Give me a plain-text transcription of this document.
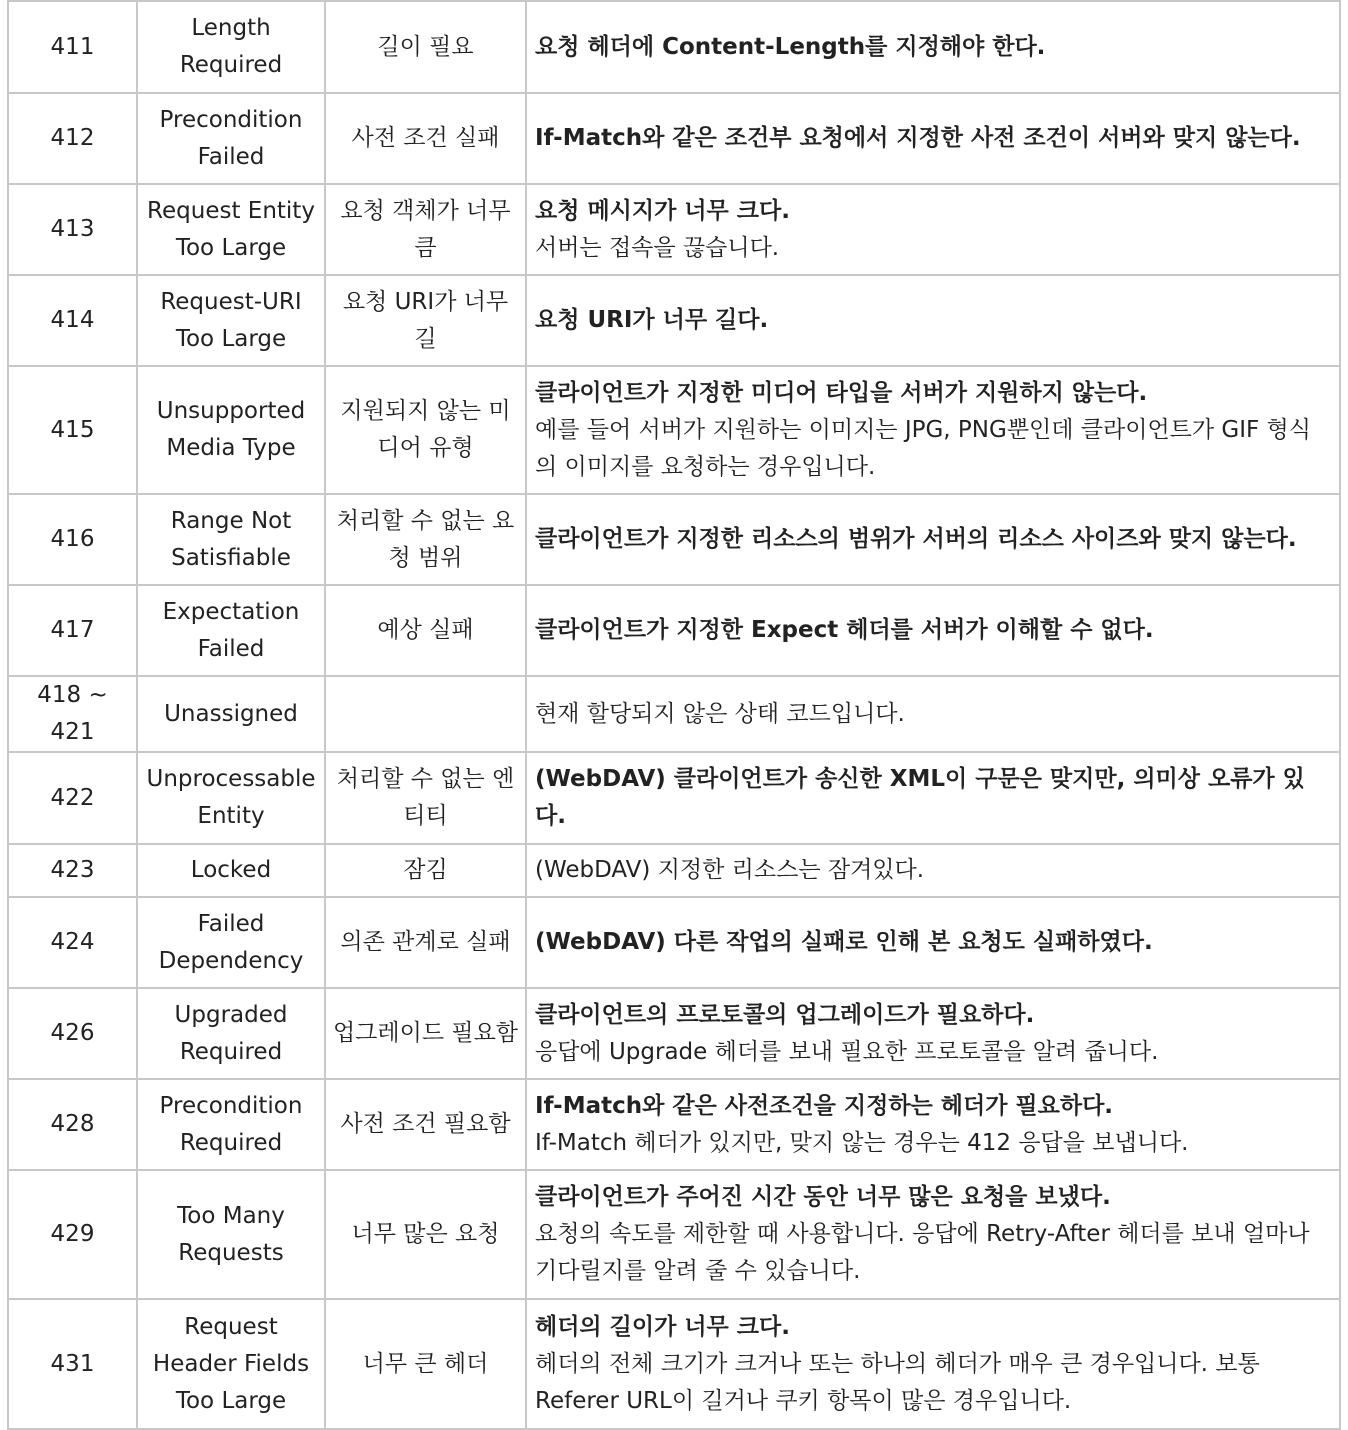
411	Length Required	길이 필요	요청 헤더에 Content-Length를 지정해야 한다.

412	Precondition Failed	사전 조건 실패	If-Match와 같은 조건부 요청에서 지정한 사전 조건이 서버와 맞지 않는다.

413	Request Entity Too Large	요청 객체가 너무 큼	요청 메시지가 너무 크다.
서버는 접속을 끊습니다.

414	Request-URI Too Large	요청 URI가 너무 길	요청 URI가 너무 길다.

415	Unsupported Media Type	지원되지 않는 미디어 유형	클라이언트가 지정한 미디어 타입을 서버가 지원하지 않는다.
예를 들어 서버가 지원하는 이미지는 JPG, PNG뿐인데 클라이언트가 GIF 형식의 이미지를 요청하는 경우입니다.

416	Range Not Satisfiable	처리할 수 없는 요청 범위	클라이언트가 지정한 리소스의 범위가 서버의 리소스 사이즈와 맞지 않는다.

417	Expectation Failed	예상 실패	클라이언트가 지정한 Expect 헤더를 서버가 이해할 수 없다.

418 ~ 421	Unassigned		현재 할당되지 않은 상태 코드입니다.

422	Unprocessable Entity	처리할 수 없는 엔티티	(WebDAV) 클라이언트가 송신한 XML이 구문은 맞지만, 의미상 오류가 있다.

423	Locked	잠김	(WebDAV) 지정한 리소스는 잠겨있다.

424	Failed Dependency	의존 관계로 실패	(WebDAV) 다른 작업의 실패로 인해 본 요청도 실패하였다.

426	Upgraded Required	업그레이드 필요함	클라이언트의 프로토콜의 업그레이드가 필요하다.
응답에 Upgrade 헤더를 보내 필요한 프로토콜을 알려 줍니다.

428	Precondition Required	사전 조건 필요함	If-Match와 같은 사전조건을 지정하는 헤더가 필요하다.
If-Match 헤더가 있지만, 맞지 않는 경우는 412 응답을 보냅니다.

429	Too Many Requests	너무 많은 요청	클라이언트가 주어진 시간 동안 너무 많은 요청을 보냈다.
요청의 속도를 제한할 때 사용합니다. 응답에 Retry-After 헤더를 보내 얼마나 기다릴지를 알려 줄 수 있습니다.

431	Request Header Fields Too Large	너무 큰 헤더	헤더의 길이가 너무 크다.
헤더의 전체 크기가 크거나 또는 하나의 헤더가 매우 큰 경우입니다. 보통 Referer URL이 길거나 쿠키 항목이 많은 경우입니다.
